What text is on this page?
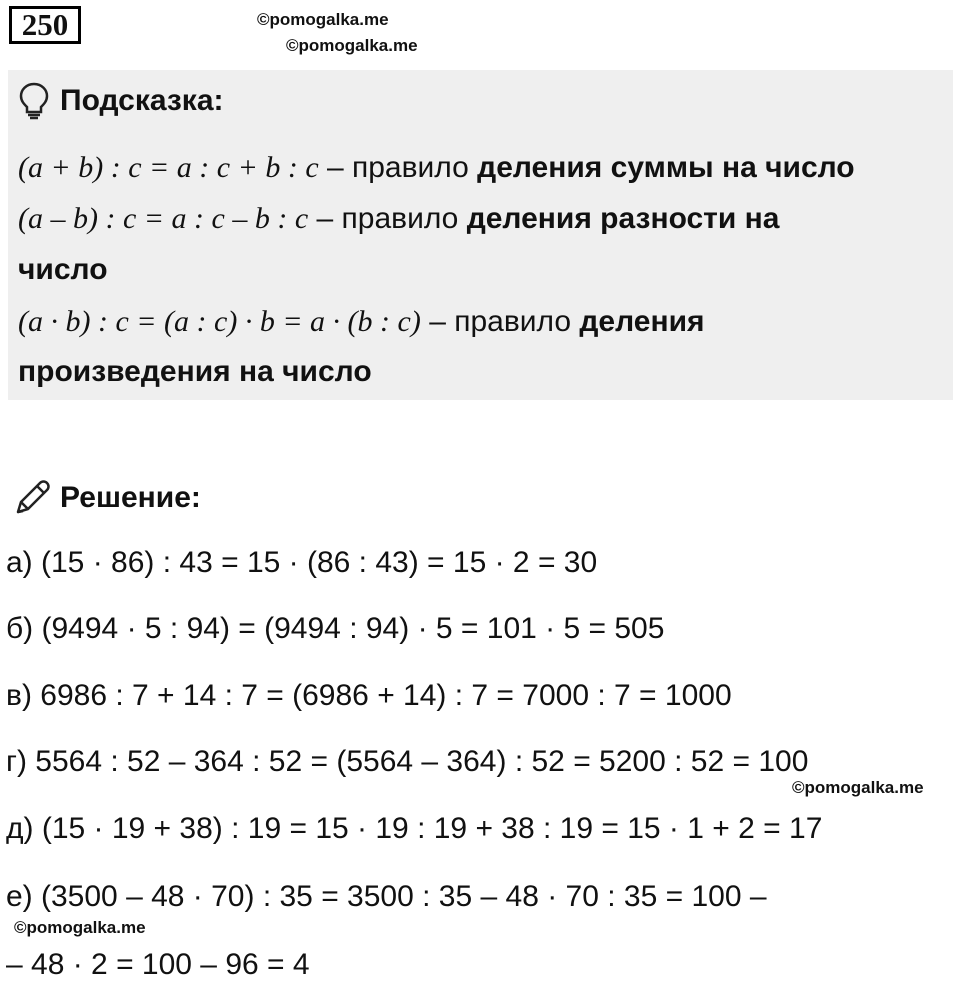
250	©pomogalka.me
©pomogalka.me
Подсказка:
(a + b) : c = a : c + b : c – правило деления суммы на число
(a – b) : c = a : c – b : c – правило деления разности на
число
(a · b) : c = (a : c) · b = a · (b : c) – правило деления
произведения на число
Решение:
а) (15 · 86) : 43 = 15 · (86 : 43) = 15 · 2 = 30
б) (9494 · 5 : 94) = (9494 : 94) · 5 = 101 · 5 = 505
в) 6986 : 7 + 14 : 7 = (6986 + 14) : 7 = 7000 : 7 = 1000
г) 5564 : 52 – 364 : 52 = (5564 – 364) : 52 = 5200 : 52 = 100
©pomogalka.me
д) (15 · 19 + 38) : 19 = 15 · 19 : 19 + 38 : 19 = 15 · 1 + 2 = 17
е) (3500 – 48 · 70) : 35 = 3500 : 35 – 48 · 70 : 35 = 100 –
©pomogalka.me
– 48 · 2 = 100 – 96 = 4
